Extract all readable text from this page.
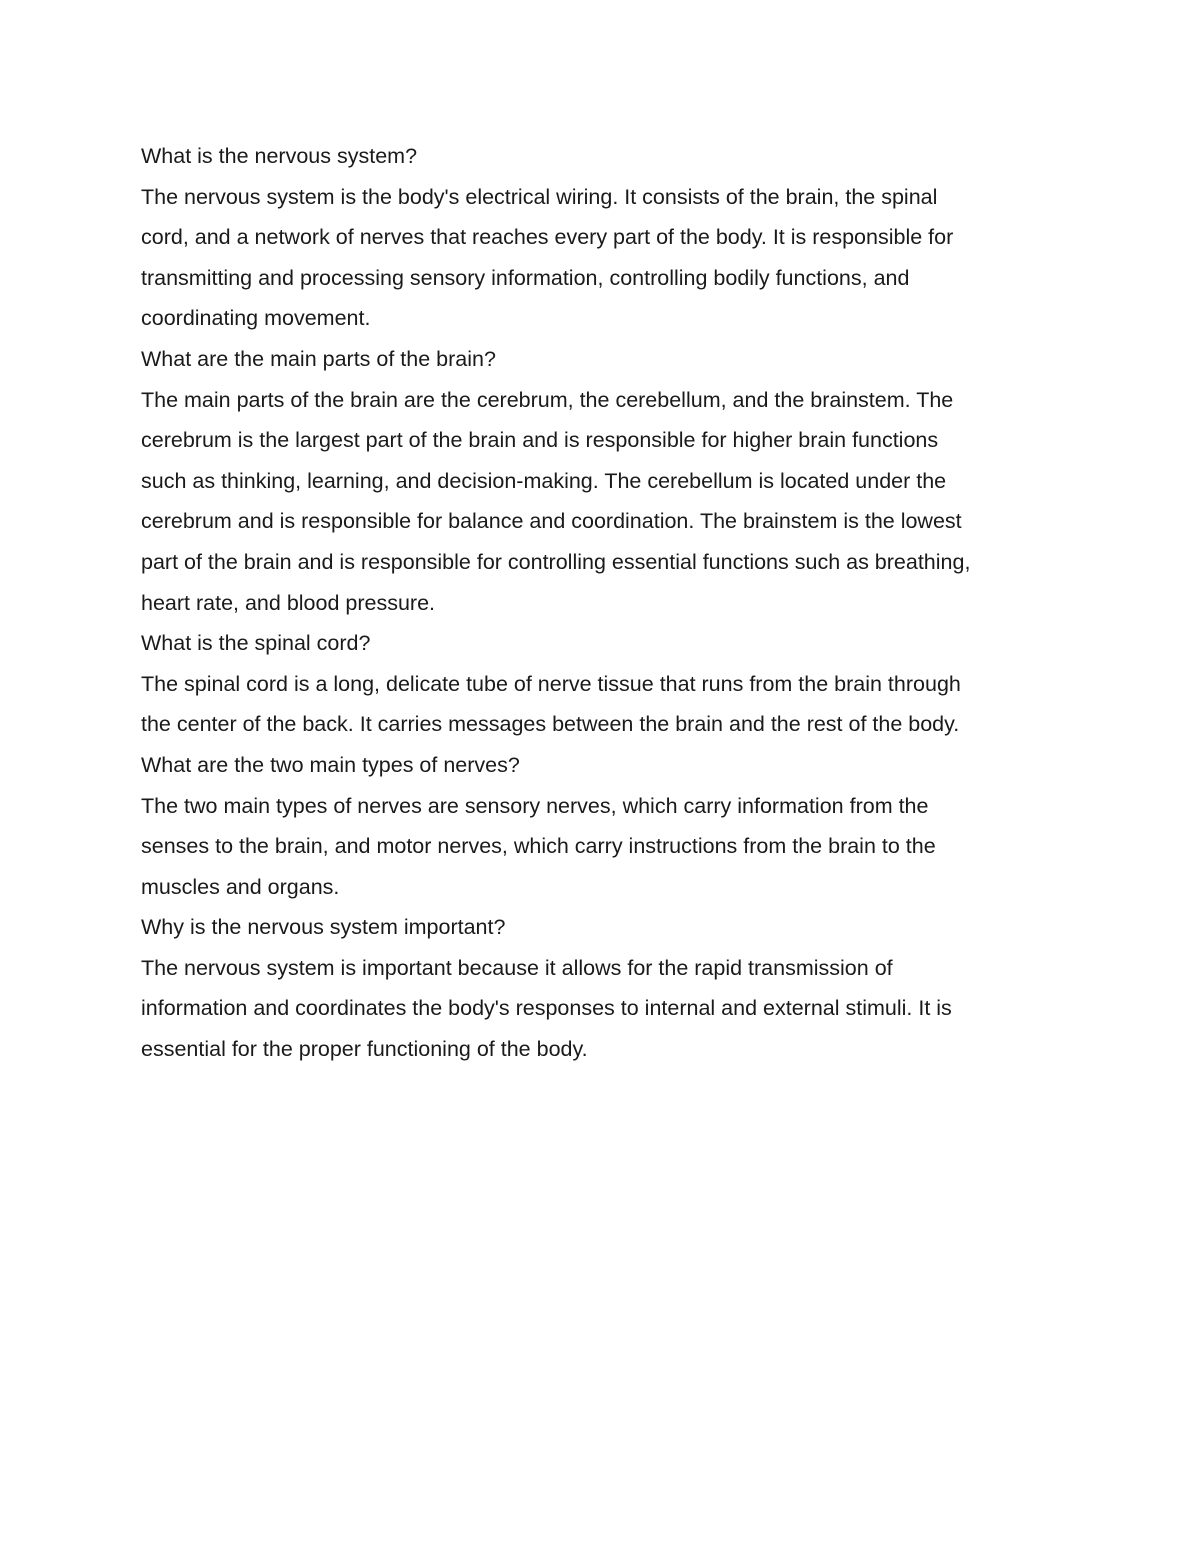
What is the nervous system?
The nervous system is the body's electrical wiring. It consists of the brain, the spinal
cord, and a network of nerves that reaches every part of the body. It is responsible for
transmitting and processing sensory information, controlling bodily functions, and
coordinating movement.
What are the main parts of the brain?
The main parts of the brain are the cerebrum, the cerebellum, and the brainstem. The
cerebrum is the largest part of the brain and is responsible for higher brain functions
such as thinking, learning, and decision-making. The cerebellum is located under the
cerebrum and is responsible for balance and coordination. The brainstem is the lowest
part of the brain and is responsible for controlling essential functions such as breathing,
heart rate, and blood pressure.
What is the spinal cord?
The spinal cord is a long, delicate tube of nerve tissue that runs from the brain through
the center of the back. It carries messages between the brain and the rest of the body.
What are the two main types of nerves?
The two main types of nerves are sensory nerves, which carry information from the
senses to the brain, and motor nerves, which carry instructions from the brain to the
muscles and organs.
Why is the nervous system important?
The nervous system is important because it allows for the rapid transmission of
information and coordinates the body's responses to internal and external stimuli. It is
essential for the proper functioning of the body.
